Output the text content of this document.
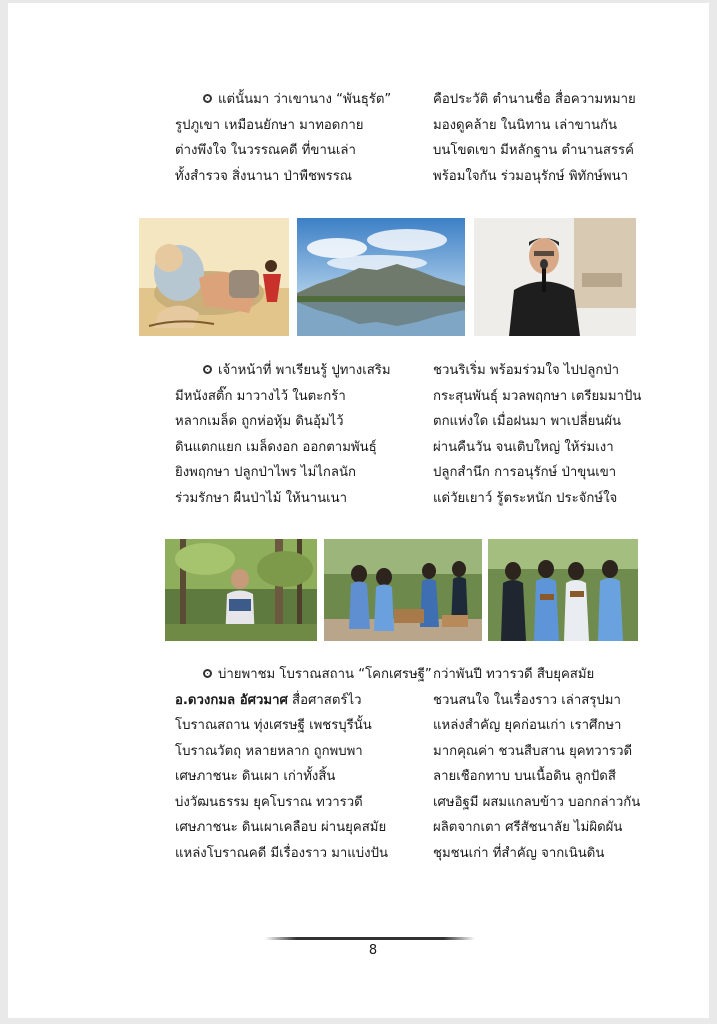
แต่นั้นมา ว่าเขานาง “พันธุรัต”
รูปภูเขา เหมือนยักษา มาทอดกาย
ต่างพึงใจ ในวรรณคดี ที่ขานเล่า
ทั้งสำรวจ สิ่งนานา ป่าพืชพรรณ
คือประวัติ ตำนานชื่อ สื่อความหมาย
มองดูคล้าย ในนิทาน เล่าขานกัน
บนโขดเขา มีหลักฐาน ตำนานสรรค์
พร้อมใจกัน ร่วมอนุรักษ์ พิทักษ์พนา
เจ้าหน้าที่ พาเรียนรู้ ปูทางเสริม
มีหนังสติ๊ก มาวางไว้ ในตะกร้า
หลากเมล็ด ถูกห่อหุ้ม ดินอุ้มไว้
ดินแตกแยก เมล็ดงอก ออกตามพันธุ์
ยิงพฤกษา ปลูกป่าไพร ไม่ไกลนัก
ร่วมรักษา ผืนป่าไม้ ให้นานเนา
ชวนริเริ่ม พร้อมร่วมใจ ไปปลูกป่า
กระสุนพันธุ์ มวลพฤกษา เตรียมมาปัน
ตกแห่งใด เมื่อฝนมา พาเปลี่ยนผัน
ผ่านคืนวัน จนเติบใหญ่ ให้ร่มเงา
ปลูกสำนึก การอนุรักษ์ ป่าขุนเขา
แด่วัยเยาว์ รู้ตระหนัก ประจักษ์ใจ
บ่ายพาชม โบราณสถาน “โคกเศรษฐี”
อ.ดวงกมล อัศวมาศ สื่อศาสตร์ไว
โบราณสถาน ทุ่งเศรษฐี เพชรบุรีนั้น
โบราณวัตถุ หลายหลาก ถูกพบพา
เศษภาชนะ ดินเผา เก่าทั้งสิ้น
บ่งวัฒนธรรม ยุคโบราณ ทวารวดี
เศษภาชนะ ดินเผาเคลือบ ผ่านยุคสมัย
แหล่งโบราณคดี มีเรื่องราว มาแบ่งปัน
กว่าพันปี ทวารวดี สืบยุคสมัย
ชวนสนใจ ในเรื่องราว เล่าสรุปมา
แหล่งสำคัญ ยุคก่อนเก่า เราศึกษา
มากคุณค่า ชวนสืบสาน ยุคทวารวดี
ลายเชือกทาบ บนเนื้อดิน ลูกปัดสี
เศษอิฐมี ผสมแกลบข้าว บอกกล่าวกัน
ผลิตจากเตา ศรีสัชนาลัย ไม่ผิดผัน
ชุมชนเก่า ที่สำคัญ จากเนินดิน
8
